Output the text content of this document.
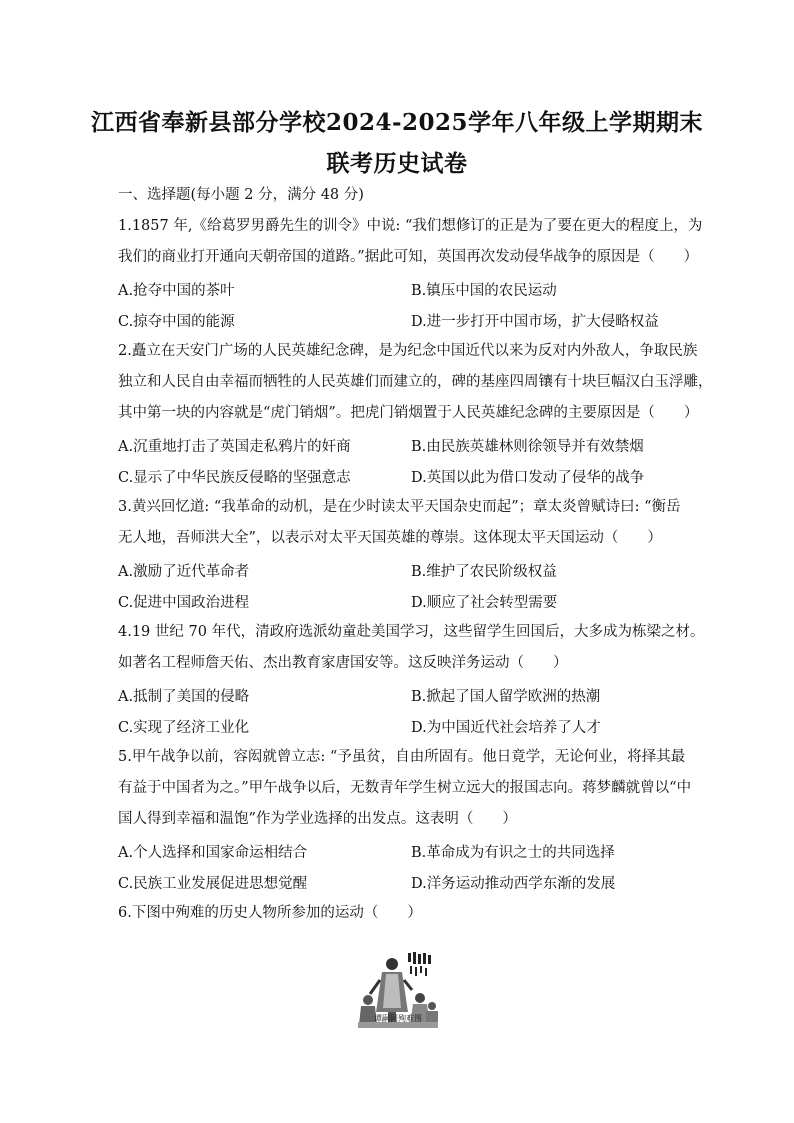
江西省奉新县部分学校2024-2025学年八年级上学期期末
联考历史试卷
一、选择题(每小题 2 分，满分 48 分)
1.1857 年,《给葛罗男爵先生的训令》中说: “我们想修订的正是为了要在更大的程度上，为
我们的商业打开通向天朝帝国的道路。”据此可知，英国再次发动侵华战争的原因是（　　）
A.抢夺中国的茶叶	B.镇压中国的农民运动
C.掠夺中国的能源	D.进一步打开中国市场，扩大侵略权益
2.矗立在天安门广场的人民英雄纪念碑，是为纪念中国近代以来为反对内外敌人，争取民族
独立和人民自由幸福而牺牲的人民英雄们而建立的，碑的基座四周镶有十块巨幅汉白玉浮雕，
其中第一块的内容就是“虎门销烟”。把虎门销烟置于人民英雄纪念碑的主要原因是（　　）
A.沉重地打击了英国走私鸦片的奸商	B.由民族英雄林则徐领导并有效禁烟
C.显示了中华民族反侵略的坚强意志	D.英国以此为借口发动了侵华的战争
3.黄兴回忆道: “我革命的动机，是在少时读太平天国杂史而起”；章太炎曾赋诗曰: “衡岳
无人地，吾师洪大全”，以表示对太平天国英雄的尊崇。这体现太平天国运动（　　）
A.激励了近代革命者	B.维护了农民阶级权益
C.促进中国政治进程	D.顺应了社会转型需要
4.19 世纪 70 年代，清政府选派幼童赴美国学习，这些留学生回国后，大多成为栋梁之材。
如著名工程师詹天佑、杰出教育家唐国安等。这反映洋务运动（　　）
A.抵制了美国的侵略	B.掀起了国人留学欧洲的热潮
C.实现了经济工业化	D.为中国近代社会培养了人才
5.甲午战争以前，容闳就曾立志: “予虽贫，自由所固有。他日竟学，无论何业，将择其最
有益于中国者为之。”甲午战争以后，无数青年学生树立远大的报国志向。蒋梦麟就曾以“中
国人得到幸福和温饱”作为学业选择的出发点。这表明（　　）
A.个人选择和国家命运相结合	B.革命成为有识之士的共同选择
C.民族工业发展促进思想觉醒	D.洋务运动推动西学东渐的发展
6.下图中殉难的历史人物所参加的运动（　　）
谭嗣同殉难图
